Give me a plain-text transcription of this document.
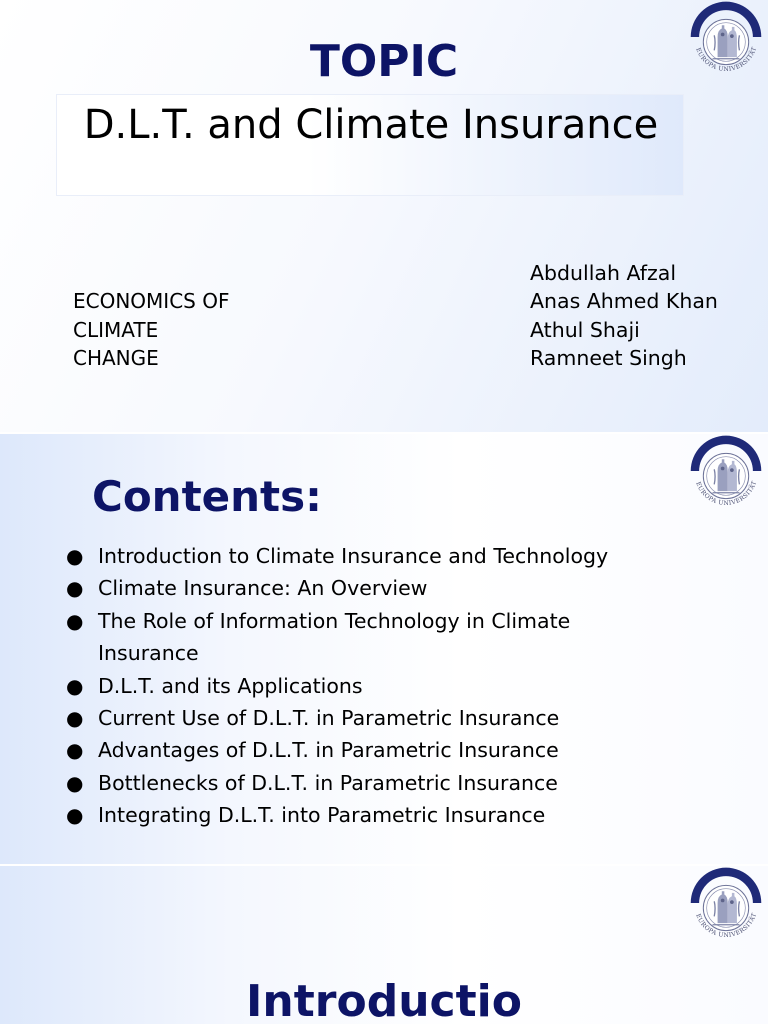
TOPIC

D.L.T. and Climate Insurance

ECONOMICS OF CLIMATE CHANGE

Abdullah Afzal
Anas Ahmed Khan
Athul Shaji
Ramneet Singh
Contents:
● Introduction to Climate Insurance and Technology
● Climate Insurance: An Overview
● The Role of Information Technology in Climate Insurance
● D.L.T. and its Applications
● Current Use of D.L.T. in Parametric Insurance
● Advantages of D.L.T. in Parametric Insurance
● Bottlenecks of D.L.T. in Parametric Insurance
● Integrating D.L.T. into Parametric Insurance
Introductio
